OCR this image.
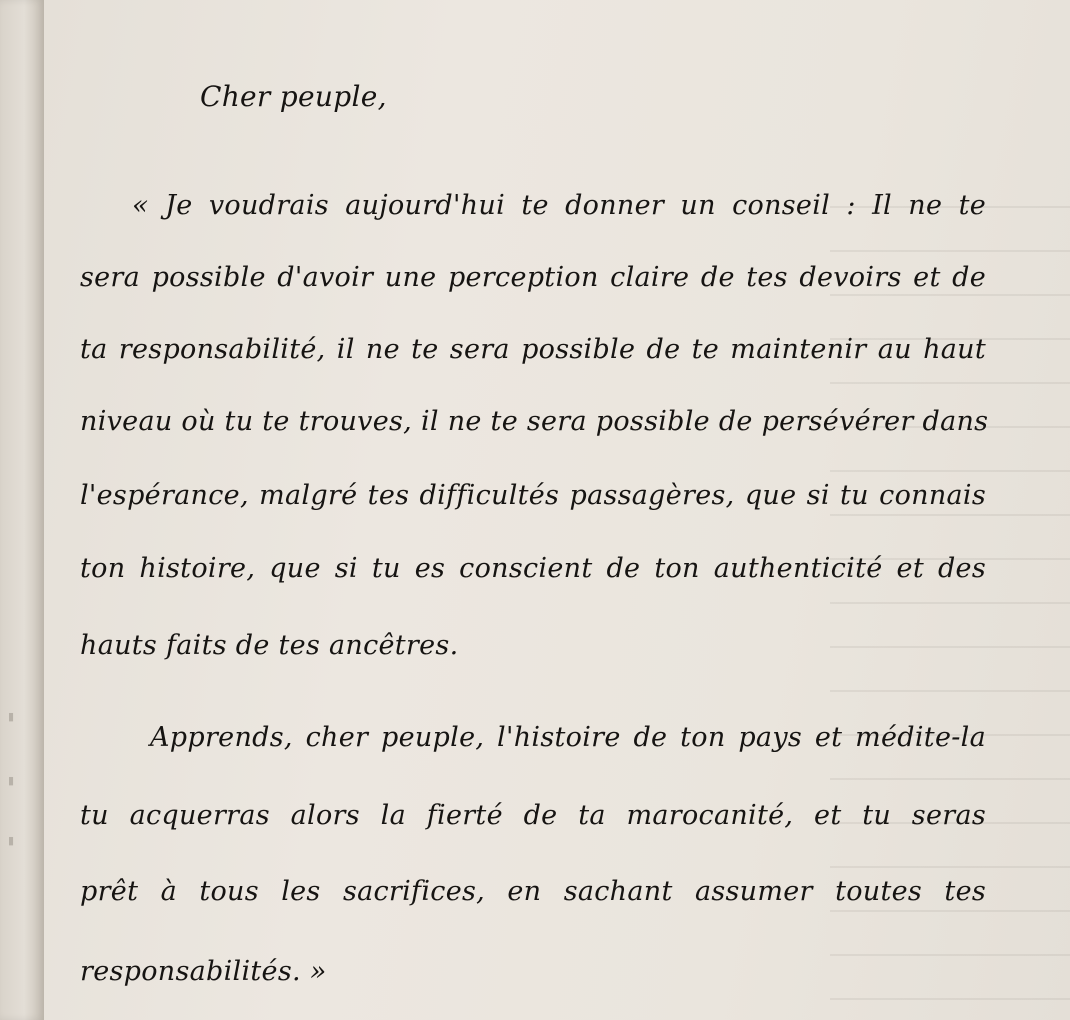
▮
▮
▮
Cher peuple,
« Je voudrais aujourd'hui te donner un conseil : Il ne te
sera possible d'avoir une perception claire de tes devoirs et de
ta responsabilité, il ne te sera possible de te maintenir au haut
niveau où tu te trouves, il ne te sera possible de persévérer dans
l'espérance, malgré tes difficultés passagères, que si tu connais
ton histoire, que si tu es conscient de ton authenticité et des
hauts faits de tes ancêtres.
Apprends, cher peuple, l'histoire de ton pays et médite-la
tu acquerras alors la fierté de ta marocanité, et tu seras
prêt à tous les sacrifices, en sachant assumer toutes tes
responsabilités. »
